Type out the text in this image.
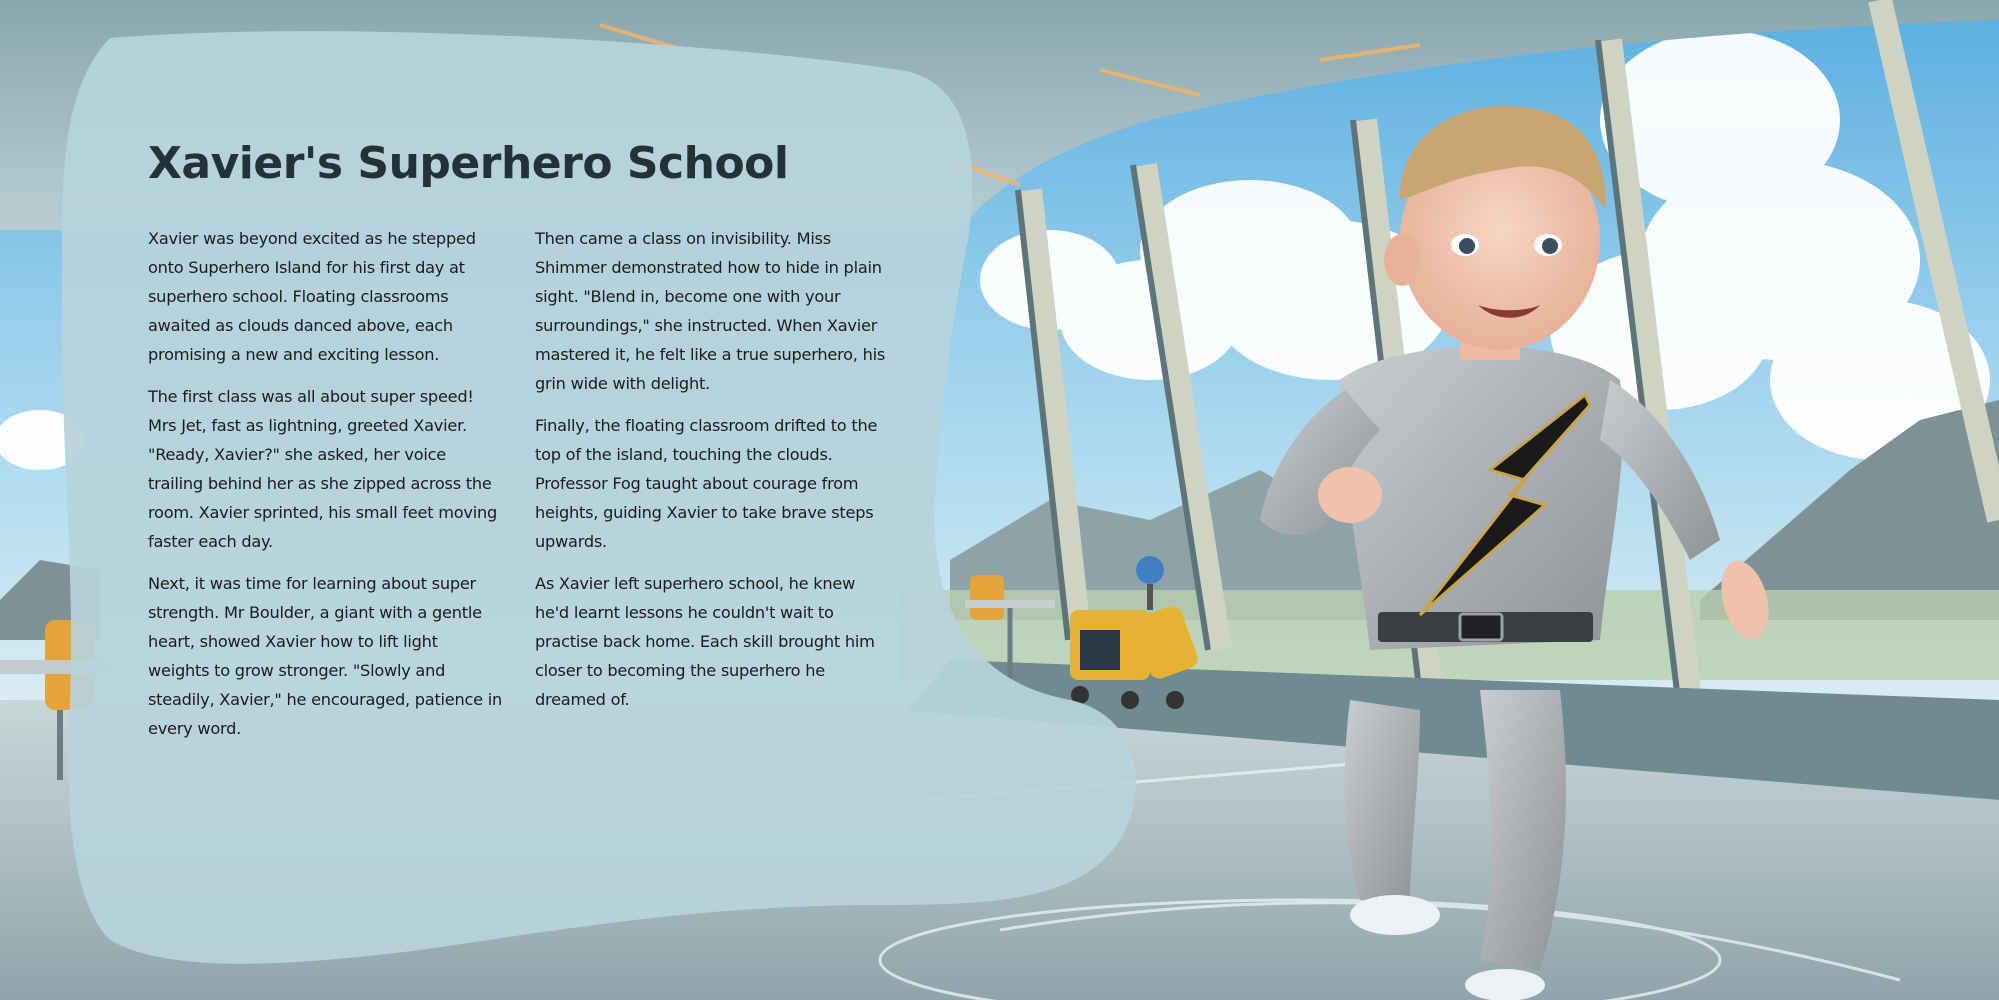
Xavier's Superhero School

Xavier was beyond excited as he stepped onto Superhero Island for his first day at superhero school. Floating classrooms awaited as clouds danced above, each promising a new and exciting lesson.

The first class was all about super speed! Mrs Jet, fast as lightning, greeted Xavier. "Ready, Xavier?" she asked, her voice trailing behind her as she zipped across the room. Xavier sprinted, his small feet moving faster each day.

Next, it was time for learning about super strength. Mr Boulder, a giant with a gentle heart, showed Xavier how to lift light weights to grow stronger. "Slowly and steadily, Xavier," he encouraged, patience in every word.

Then came a class on invisibility. Miss Shimmer demonstrated how to hide in plain sight. "Blend in, become one with your surroundings," she instructed. When Xavier mastered it, he felt like a true superhero, his grin wide with delight.

Finally, the floating classroom drifted to the top of the island, touching the clouds. Professor Fog taught about courage from heights, guiding Xavier to take brave steps upwards.

As Xavier left superhero school, he knew he'd learnt lessons he couldn't wait to practise back home. Each skill brought him closer to becoming the superhero he dreamed of.
